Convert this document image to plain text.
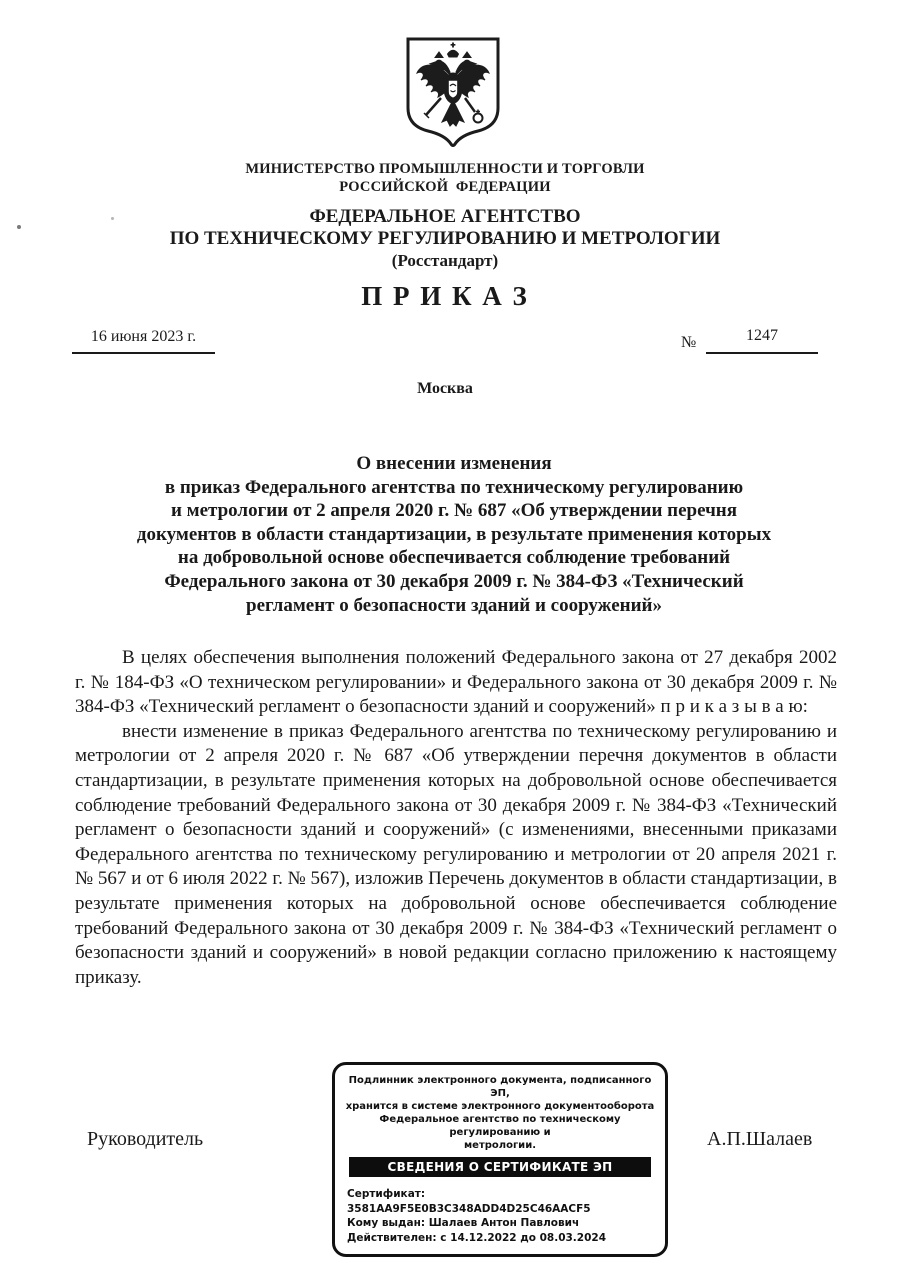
МИНИСТЕРСТВО ПРОМЫШЛЕННОСТИ И ТОРГОВЛИ
РОССИЙСКОЙ  ФЕДЕРАЦИИ
ФЕДЕРАЛЬНОЕ АГЕНТСТВО
ПО ТЕХНИЧЕСКОМУ РЕГУЛИРОВАНИЮ И МЕТРОЛОГИИ
(Росстандарт)
П Р И К А З
16 июня 2023 г.	№	1247
Москва
О внесении изменения
в приказ Федерального агентства по техническому регулированию
и метрологии от 2 апреля 2020 г. № 687 «Об утверждении перечня
документов в области стандартизации, в результате применения которых
на добровольной основе обеспечивается соблюдение требований
Федерального закона от 30 декабря 2009 г. № 384-ФЗ «Технический
регламент о безопасности зданий и сооружений»

В целях обеспечения выполнения положений Федерального закона от 27 декабря 2002 г. № 184-ФЗ «О техническом регулировании» и Федерального закона от 30 декабря 2009 г. № 384-ФЗ «Технический регламент о безопасности зданий и сооружений» п р и к а з ы в а ю:

внести изменение в приказ Федерального агентства по техническому регулированию и метрологии от 2 апреля 2020 г. № 687 «Об утверждении перечня документов в области стандартизации, в результате применения которых на добровольной основе обеспечивается соблюдение требований Федерального закона от 30 декабря 2009 г. № 384-ФЗ «Технический регламент о безопасности зданий и сооружений» (с изменениями, внесенными приказами Федерального агентства по техническому регулированию и метрологии от 20 апреля 2021 г. № 567 и от 6 июля 2022 г. № 567), изложив Перечень документов в области стандартизации, в результате применения которых на добровольной основе обеспечивается соблюдение требований Федерального закона от 30 декабря 2009 г. № 384-ФЗ «Технический регламент о безопасности зданий и сооружений» в новой редакции согласно приложению к настоящему приказу.

Руководитель	А.П.Шалаев
Подлинник электронного документа, подписанного ЭП,
хранится в системе электронного документооборота
Федеральное агентство по техническому регулированию и
метрологии.
СВЕДЕНИЯ О СЕРТИФИКАТЕ ЭП
Сертификат: 3581AA9F5E0B3C348ADD4D25C46AACF5
Кому выдан: Шалаев Антон Павлович
Действителен: с 14.12.2022 до 08.03.2024
